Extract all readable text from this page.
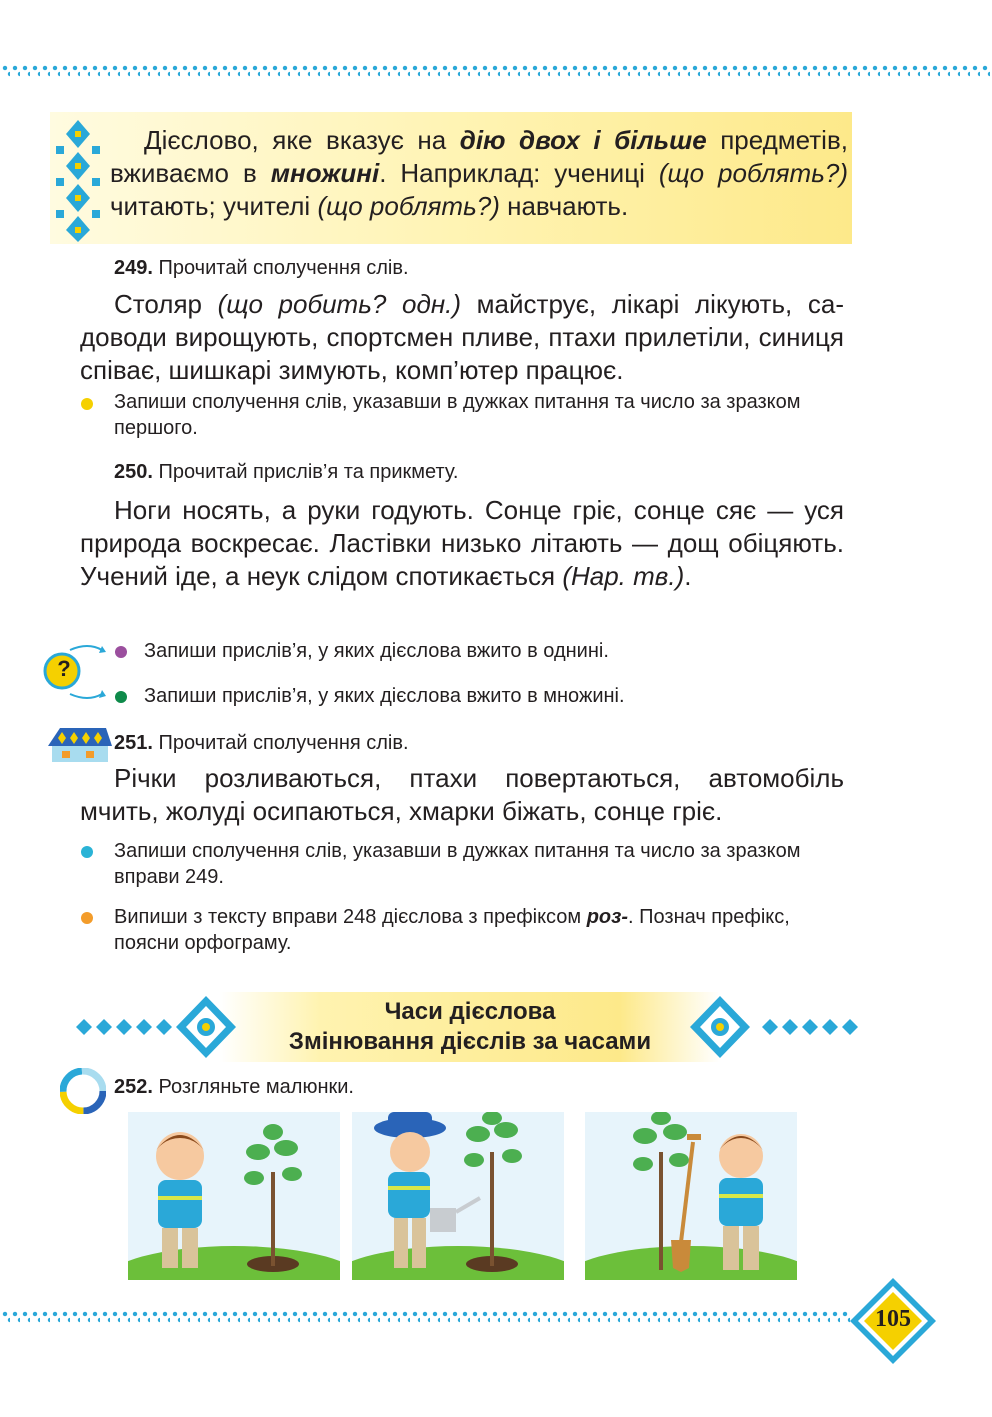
Дієслово, яке вказує на дію двох і більше предметів, вживаємо в множині. Наприклад: учениці (що роблять?) читають; учителі (що роблять?) навчають.
249. Прочитай сполучення слів.
Столяр (що робить? одн.) майструє, лікарі лікують, садоводи вирощують, спортсмен пливе, птахи прилетіли, синиця співає, шишкарі зимують, комп’ютер працює.
Запиши сполучення слів, указавши в дужках питання та число за зразком першого.
250. Прочитай прислів’я та прикмету.
Ноги носять, а руки годують. Сонце гріє, сонце сяє — уся природа воскресає. Ластівки низько літають — дощ обіцяють. Учений іде, а неук слідом спотикається (Нар. тв.).
?
Запиши прислів’я, у яких дієслова вжито в однині.
Запиши прислів’я, у яких дієслова вжито в множині.
251. Прочитай сполучення слів.
Річки розливаються, птахи повертаються, автомобіль мчить, жолуді осипаються, хмарки біжать, сонце гріє.
Запиши сполучення слів, указавши в дужках питання та число за зразком вправи 249.
Випиши з тексту вправи 248 дієслова з префіксом роз-. Познач префікс, поясни орфограму.
Часи дієслова
Змінювання дієслів за часами
252. Розгляньте малюнки.
105
